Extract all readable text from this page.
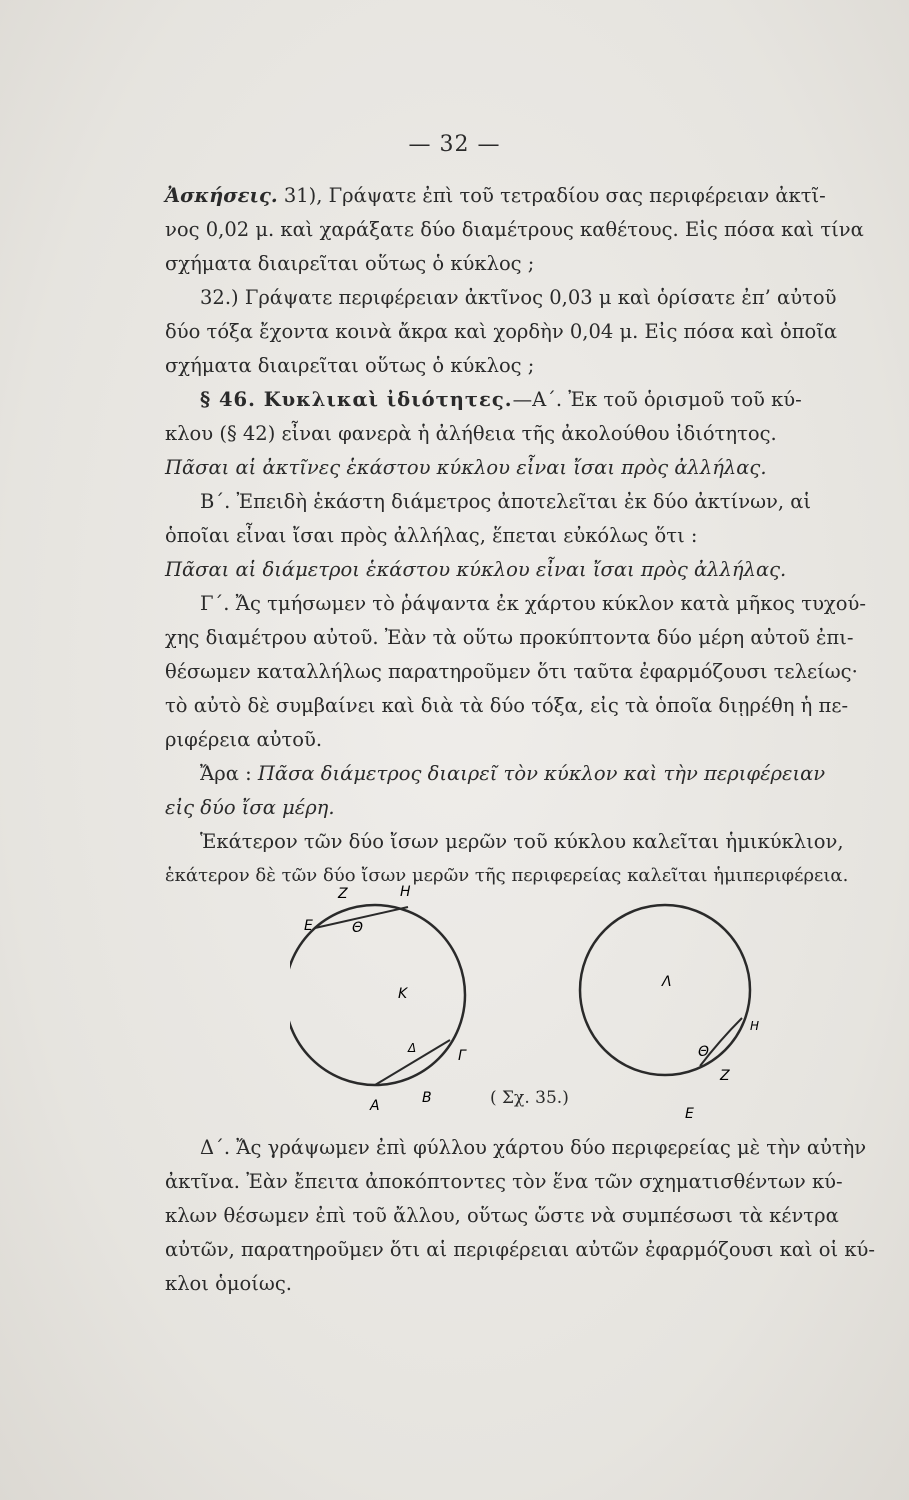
— 32 —
Ἀσκήσεις. 31), Γράψατε ἐπὶ τοῦ τετραδίου σας περιφέρειαν ἀκτῖ-
νος 0,02 μ. καὶ χαράξατε δύο διαμέτρους καθέτους. Εἰς πόσα καὶ τίνα
σχήματα διαιρεῖται οὕτως ὁ κύκλος ;
32.) Γράψατε περιφέρειαν ἀκτῖνος 0,03 μ καὶ ὁρίσατε ἐπ’ αὐτοῦ
δύο τόξα ἔχοντα κοινὰ ἄκρα καὶ χορδὴν 0,04 μ. Εἰς πόσα καὶ ὁποῖα
σχήματα διαιρεῖται οὕτως ὁ κύκλος ;
§ 46. Κυκλικαὶ ἰδιότητες.—Α΄. Ἐκ τοῦ ὁρισμοῦ τοῦ κύ-
κλου (§ 42) εἶναι φανερὰ ἡ ἀλήθεια τῆς ἀκολούθου ἰδιότητος.
Πᾶσαι αἱ ἀκτῖνες ἑκάστου κύκλου εἶναι ἴσαι πρὸς ἀλλήλας.
Β΄. Ἐπειδὴ ἑκάστη διάμετρος ἀποτελεῖται ἐκ δύο ἀκτίνων, αἱ
ὁποῖαι εἶναι ἴσαι πρὸς ἀλλήλας, ἕπεται εὐκόλως ὅτι :
Πᾶσαι αἱ διάμετροι ἑκάστου κύκλου εἶναι ἴσαι πρὸς ἀλλήλας.
Γ΄. Ἄς τμήσωμεν τὸ ῥάψαντα ἐκ χάρτου κύκλον κατὰ μῆκος τυχού-
χης διαμέτρου αὐτοῦ. Ἐὰν τὰ οὕτω προκύπτοντα δύο μέρη αὐτοῦ ἐπι-
θέσωμεν καταλλήλως παρατηροῦμεν ὅτι ταῦτα ἐφαρμόζουσι τελείως·
τὸ αὐτὸ δὲ συμβαίνει καὶ διὰ τὰ δύο τόξα, εἰς τὰ ὁποῖα διῃρέθη ἡ πε-
ριφέρεια αὐτοῦ.
Ἄρα : Πᾶσα διάμετρος διαιρεῖ τὸν κύκλον καὶ τὴν περιφέρειαν
εἰς δύο ἴσα μέρη.
Ἑκάτερον τῶν δύο ἴσων μερῶν τοῦ κύκλου καλεῖται ἡμικύκλιον,
ἑκάτερον δὲ τῶν δύο ἴσων μερῶν τῆς περιφερείας καλεῖται ἡμιπεριφέρεια.
Z	H
E	Θ
K
Δ	Γ
A	B
Λ
Θ
H
Z
E
( Σχ. 35.)
Δ΄. Ἄς γράψωμεν ἐπὶ φύλλου χάρτου δύο περιφερείας μὲ τὴν αὐτὴν
ἀκτῖνα. Ἐὰν ἔπειτα ἀποκόπτοντες τὸν ἕνα τῶν σχηματισθέντων κύ-
κλων θέσωμεν ἐπὶ τοῦ ἄλλου, οὕτως ὥστε νὰ συμπέσωσι τὰ κέντρα
αὐτῶν, παρατηροῦμεν ὅτι αἱ περιφέρειαι αὐτῶν ἐφαρμόζουσι καὶ οἱ κύ-
κλοι ὁμοίως.
